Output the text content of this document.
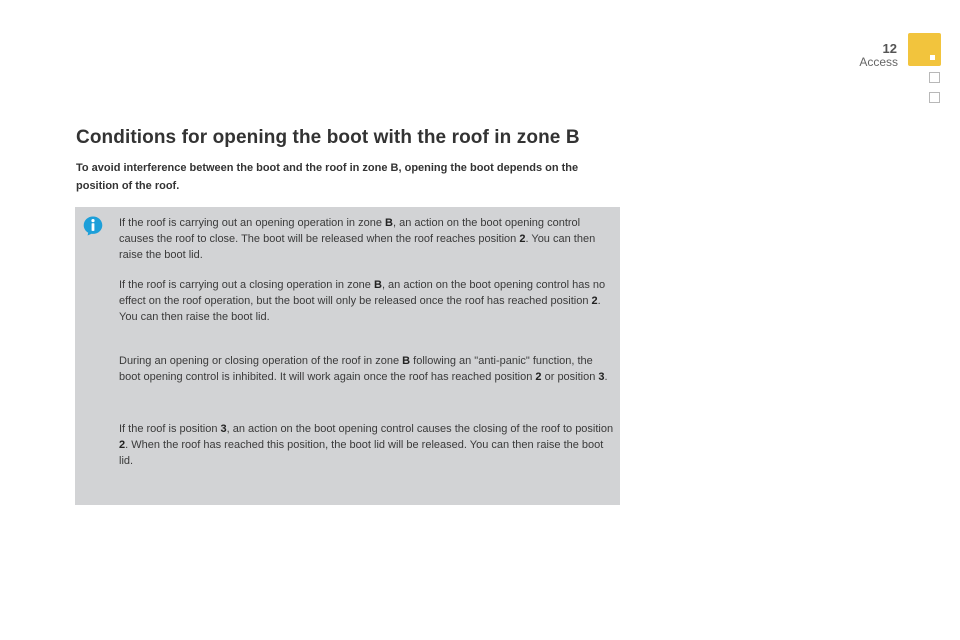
12
Access
Conditions for opening the boot with the roof in zone B

To avoid interference between the boot and the roof in zone B, opening the boot depends on the position of the roof.

If the roof is carrying out an opening operation in zone B, an action on the boot opening control causes the roof to close. The boot will be released when the roof reaches position 2. You can then raise the boot lid.

If the roof is carrying out a closing operation in zone B, an action on the boot opening control has no effect on the roof operation, but the boot will only be released once the roof has reached position 2. You can then raise the boot lid.

During an opening or closing operation of the roof in zone B following an "anti-panic" function, the boot opening control is inhibited. It will work again once the roof has reached position 2 or position 3.

If the roof is position 3, an action on the boot opening control causes the closing of the roof to position 2. When the roof has reached this position, the boot lid will be released. You can then raise the boot lid.
